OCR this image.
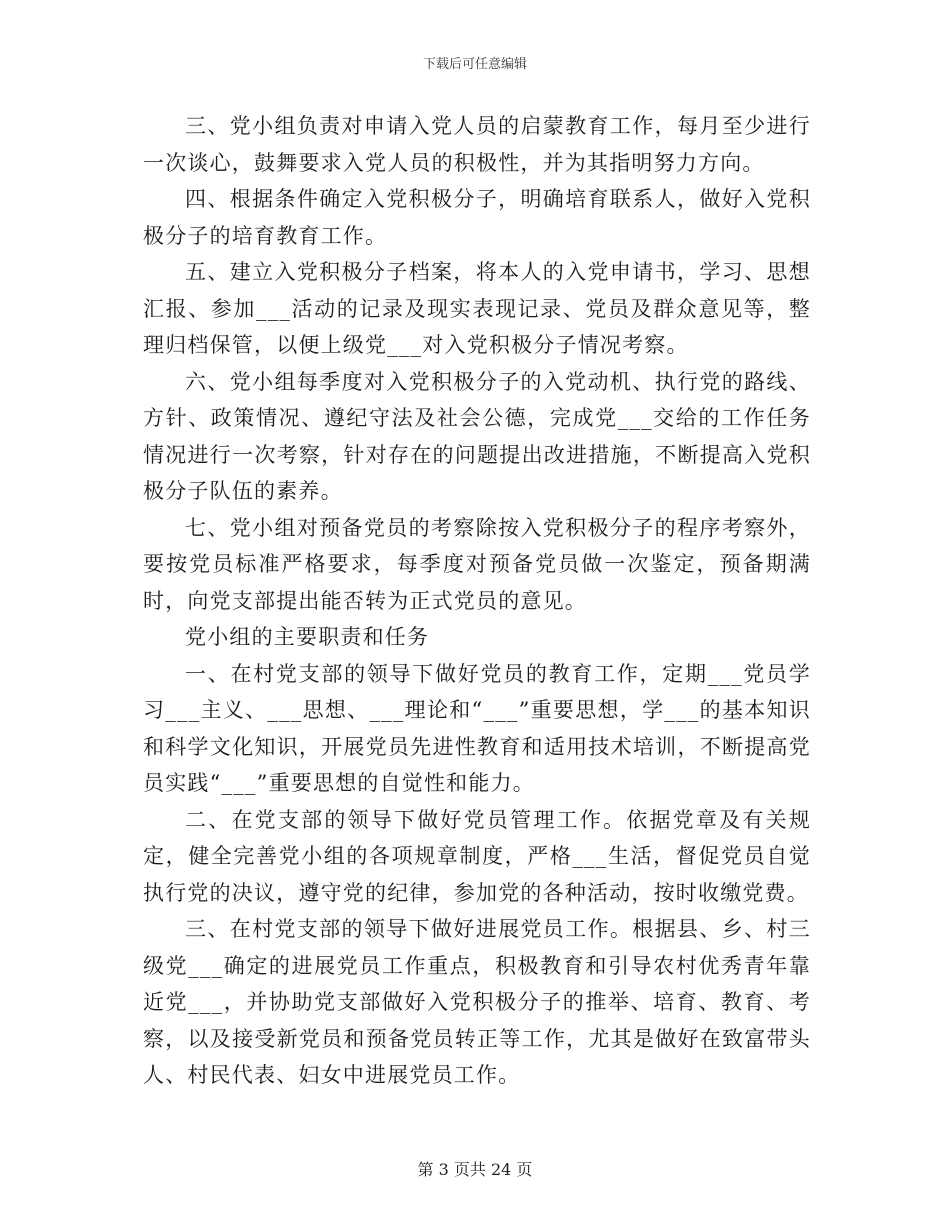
下载后可任意编辑

三、党小组负责对申请入党人员的启蒙教育工作，每月至少进行一次谈心，鼓舞要求入党人员的积极性，并为其指明努力方向。

四、根据条件确定入党积极分子，明确培育联系人，做好入党积极分子的培育教育工作。

五、建立入党积极分子档案，将本人的入党申请书，学习、思想汇报、参加___活动的记录及现实表现记录、党员及群众意见等，整理归档保管，以便上级党___对入党积极分子情况考察。

六、党小组每季度对入党积极分子的入党动机、执行党的路线、方针、政策情况、遵纪守法及社会公德，完成党___交给的工作任务情况进行一次考察，针对存在的问题提出改进措施，不断提高入党积极分子队伍的素养。

七、党小组对预备党员的考察除按入党积极分子的程序考察外，要按党员标准严格要求，每季度对预备党员做一次鉴定，预备期满时，向党支部提出能否转为正式党员的意见。

党小组的主要职责和任务

一、在村党支部的领导下做好党员的教育工作，定期___党员学习___主义、___思想、___理论和“___”重要思想，学___的基本知识和科学文化知识，开展党员先进性教育和适用技术培训，不断提高党员实践“___”重要思想的自觉性和能力。

二、在党支部的领导下做好党员管理工作。依据党章及有关规定，健全完善党小组的各项规章制度，严格___生活，督促党员自觉执行党的决议，遵守党的纪律，参加党的各种活动，按时收缴党费。

三、在村党支部的领导下做好进展党员工作。根据县、乡、村三级党___确定的进展党员工作重点，积极教育和引导农村优秀青年靠近党___，并协助党支部做好入党积极分子的推举、培育、教育、考察，以及接受新党员和预备党员转正等工作，尤其是做好在致富带头人、村民代表、妇女中进展党员工作。

第 3 页共 24 页
